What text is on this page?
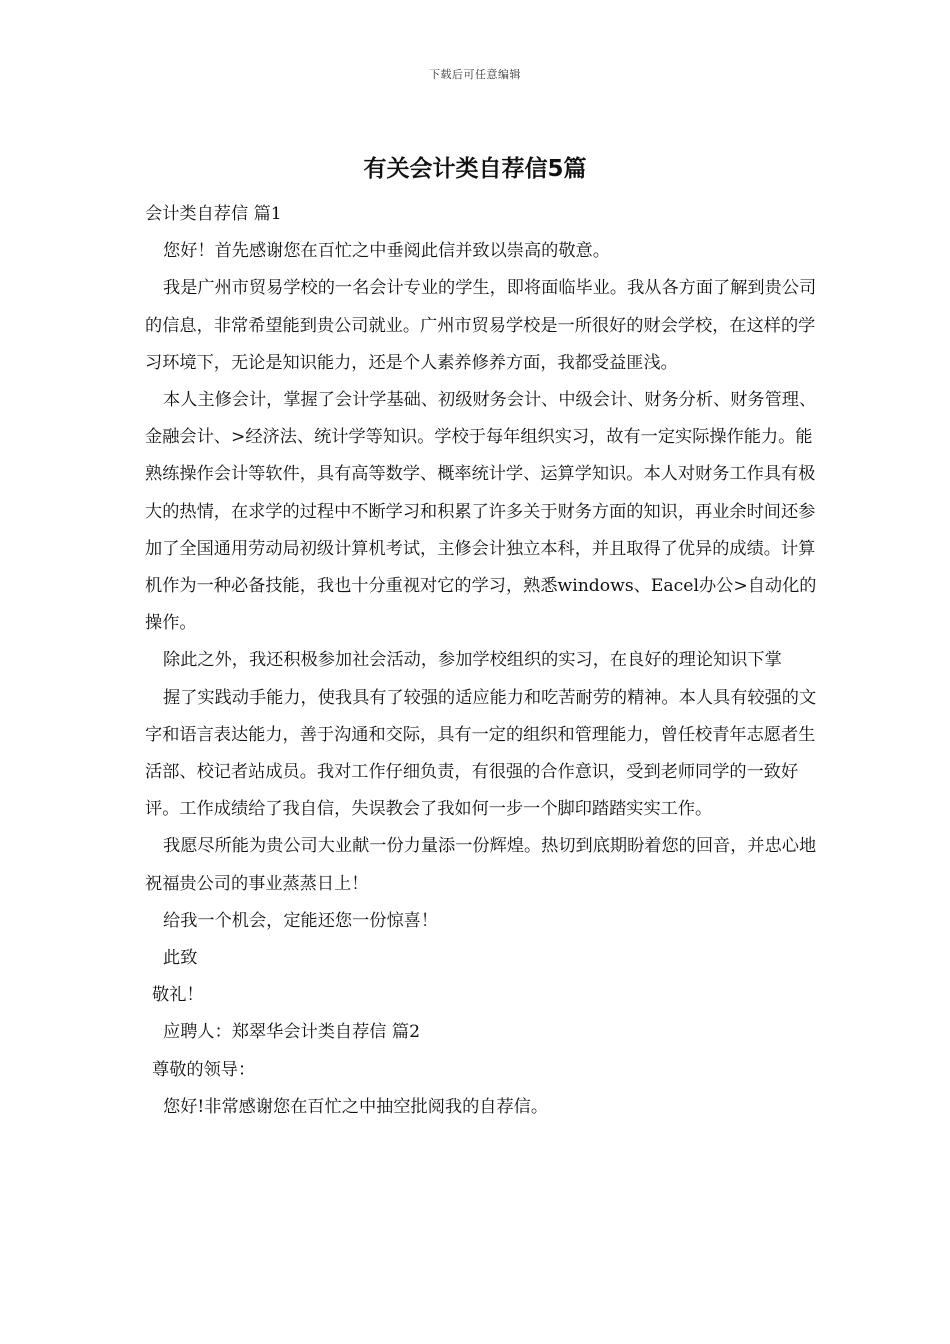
下载后可任意编辑
有关会计类自荐信5篇

会计类自荐信 篇1

您好！首先感谢您在百忙之中垂阅此信并致以崇高的敬意。

我是广州市贸易学校的一名会计专业的学生，即将面临毕业。我从各方面了解到贵公司的信息，非常希望能到贵公司就业。广州市贸易学校是一所很好的财会学校，在这样的学习环境下，无论是知识能力，还是个人素养修养方面，我都受益匪浅。

本人主修会计，掌握了会计学基础、初级财务会计、中级会计、财务分析、财务管理、金融会计、>经济法、统计学等知识。学校于每年组织实习，故有一定实际操作能力。能熟练操作会计等软件，具有高等数学、概率统计学、运算学知识。本人对财务工作具有极大的热情，在求学的过程中不断学习和积累了许多关于财务方面的知识，再业余时间还参加了全国通用劳动局初级计算机考试，主修会计独立本科，并且取得了优异的成绩。计算机作为一种必备技能，我也十分重视对它的学习，熟悉windows、Eacel办公>自动化的操作。

除此之外，我还积极参加社会活动，参加学校组织的实习，在良好的理论知识下掌

握了实践动手能力，使我具有了较强的适应能力和吃苦耐劳的精神。本人具有较强的文字和语言表达能力，善于沟通和交际，具有一定的组织和管理能力，曾任校青年志愿者生活部、校记者站成员。我对工作仔细负责，有很强的合作意识，受到老师同学的一致好评。工作成绩给了我自信，失误教会了我如何一步一个脚印踏踏实实工作。

我愿尽所能为贵公司大业献一份力量添一份辉煌。热切到底期盼着您的回音，并忠心地祝福贵公司的事业蒸蒸日上！

给我一个机会，定能还您一份惊喜！

此致

敬礼！

应聘人：郑翠华会计类自荐信 篇2

尊敬的领导：

您好!非常感谢您在百忙之中抽空批阅我的自荐信。
